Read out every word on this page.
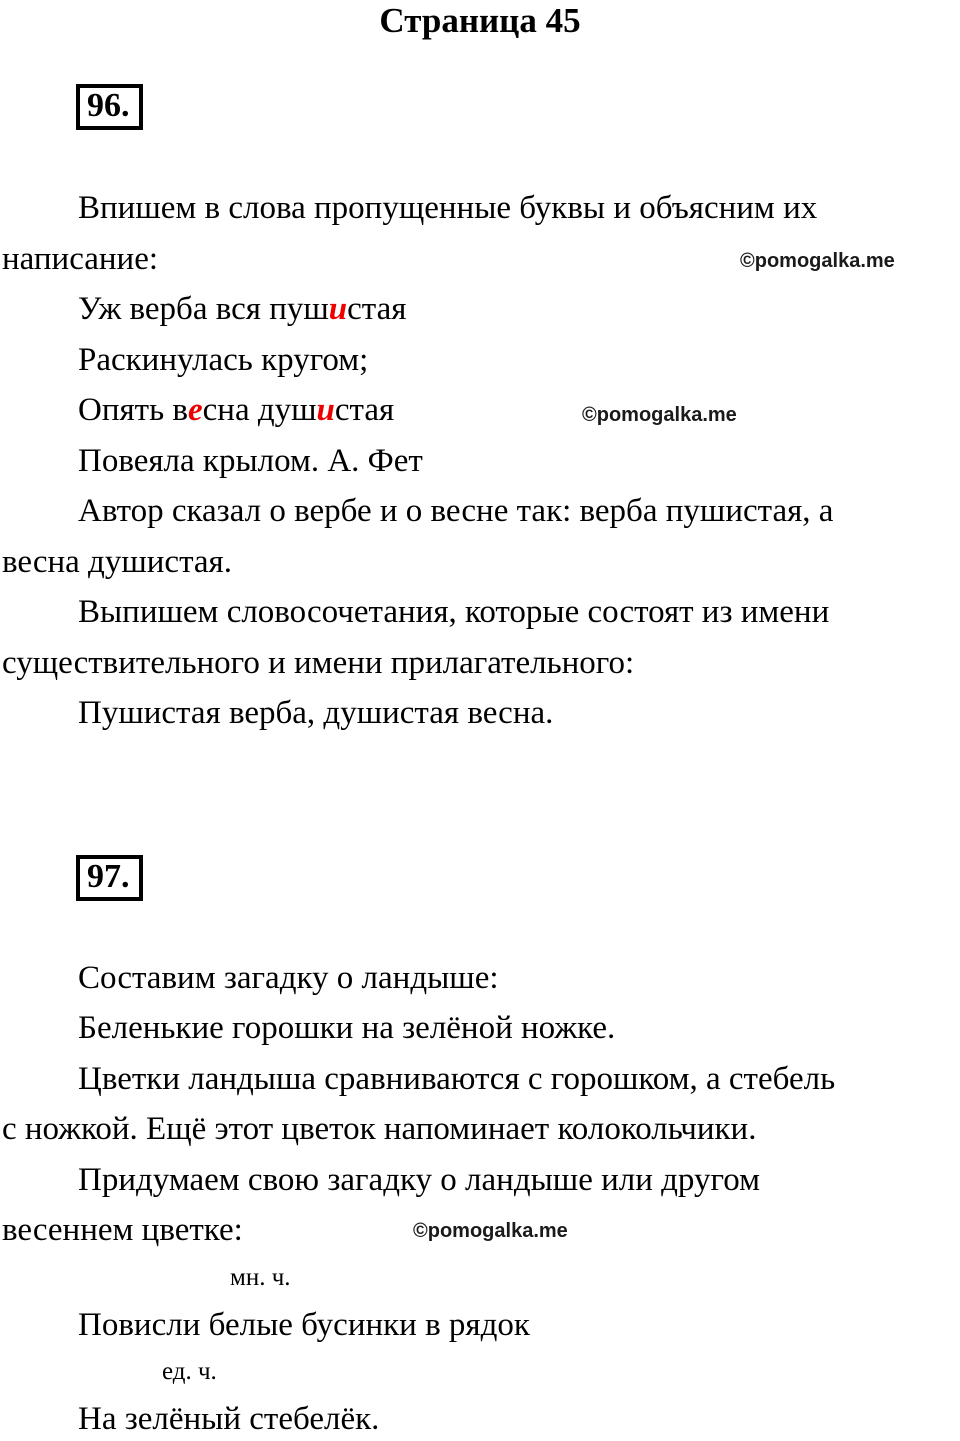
Страница 45
96.
Впишем в слова пропущенные буквы и объясним их
написание:
Уж верба вся пушистая
Раскинулась кругом;
Опять весна душистая
Повеяла крылом. А. Фет
Автор сказал о вербе и о весне так: верба пушистая, а
весна душистая.
Выпишем словосочетания, которые состоят из имени
существительного и имени прилагательного:
Пушистая верба, душистая весна.
97.
Составим загадку о ландыше:
Беленькие горошки на зелёной ножке.
Цветки ландыша сравниваются с горошком, а стебель
с ножкой. Ещё этот цветок напоминает колокольчики.
Придумаем свою загадку о ландыше или другом
весеннем цветке:
мн. ч.
Повисли белые бусинки в рядок
ед. ч.
На зелёный стебелёк.
©pomogalka.me
©pomogalka.me
©pomogalka.me
